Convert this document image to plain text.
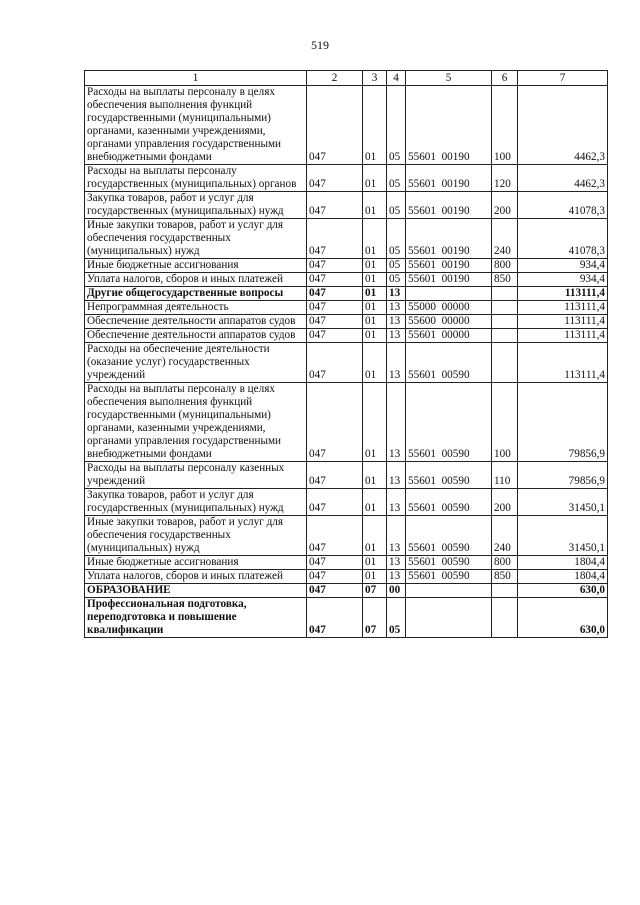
519
1	2	3	4	5	6	7
Расходы на выплаты персоналу в целях обеспечения выполнения функций государственными (муниципальными) органами, казенными учреждениями, органами управления государственными внебюджетными фондами	047	01	05	55601  00190	100	4462,3
Расходы на выплаты персоналу государственных (муниципальных) органов	047	01	05	55601  00190	120	4462,3
Закупка товаров, работ и услуг для государственных (муниципальных) нужд	047	01	05	55601  00190	200	41078,3
Иные закупки товаров, работ и услуг для обеспечения государственных (муниципальных) нужд	047	01	05	55601  00190	240	41078,3
Иные бюджетные ассигнования	047	01	05	55601  00190	800	934,4
Уплата налогов, сборов и иных платежей	047	01	05	55601  00190	850	934,4
Другие общегосударственные вопросы	047	01	13			113111,4
Непрограммная деятельность	047	01	13	55000  00000		113111,4
Обеспечение деятельности аппаратов судов	047	01	13	55600  00000		113111,4
Обеспечение деятельности аппаратов судов	047	01	13	55601  00000		113111,4
Расходы на обеспечение деятельности (оказание услуг) государственных учреждений	047	01	13	55601  00590		113111,4
Расходы на выплаты персоналу в целях обеспечения выполнения функций государственными (муниципальными) органами, казенными учреждениями, органами управления государственными внебюджетными фондами	047	01	13	55601  00590	100	79856,9
Расходы на выплаты персоналу казенных учреждений	047	01	13	55601  00590	110	79856,9
Закупка товаров, работ и услуг для государственных (муниципальных) нужд	047	01	13	55601  00590	200	31450,1
Иные закупки товаров, работ и услуг для обеспечения государственных (муниципальных) нужд	047	01	13	55601  00590	240	31450,1
Иные бюджетные ассигнования	047	01	13	55601  00590	800	1804,4
Уплата налогов, сборов и иных платежей	047	01	13	55601  00590	850	1804,4
ОБРАЗОВАНИЕ	047	07	00			630,0
Профессиональная подготовка, переподготовка и повышение квалификации	047	07	05			630,0
